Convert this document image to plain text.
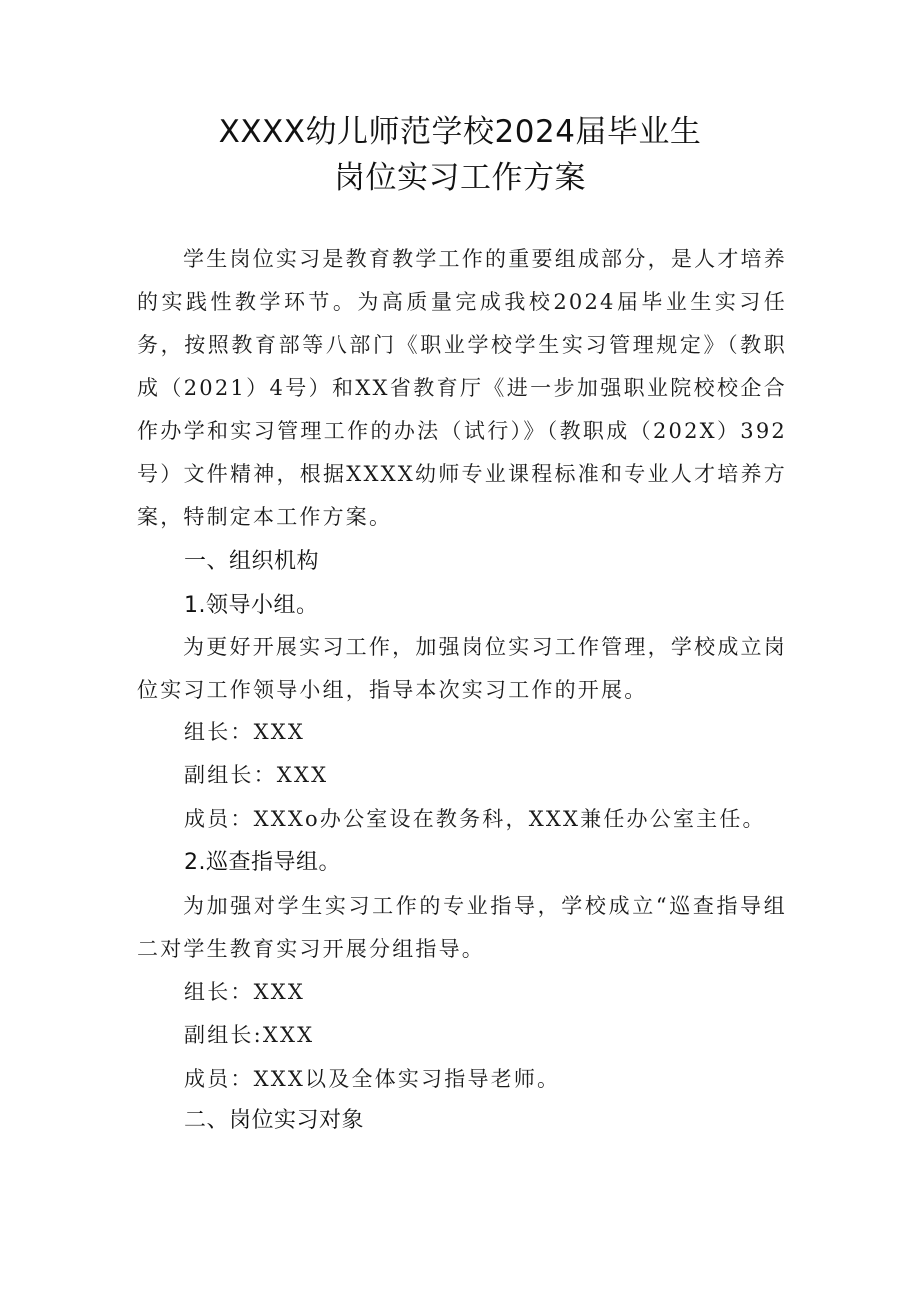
XXXX幼儿师范学校2024届毕业生
岗位实习工作方案

学生岗位实习是教育教学工作的重要组成部分，是人才培养的实践性教学环节。为高质量完成我校2024届毕业生实习任务，按照教育部等八部门《职业学校学生实习管理规定》（教职成（2021）4号）和XX省教育厅《进一步加强职业院校校企合作办学和实习管理工作的办法（试行）》（教职成（202X）392号）文件精神，根据XXXX幼师专业课程标准和专业人才培养方案，特制定本工作方案。

一、组织机构
1.领导小组。

为更好开展实习工作，加强岗位实习工作管理，学校成立岗位实习工作领导小组，指导本次实习工作的开展。

组长：XXX
副组长：XXX
成员：XXXo办公室设在教务科，XXX兼任办公室主任。
2.巡查指导组。

为加强对学生实习工作的专业指导，学校成立“巡查指导组二对学生教育实习开展分组指导。

组长：XXX
副组长:XXX
成员：XXX以及全体实习指导老师。
二、岗位实习对象
